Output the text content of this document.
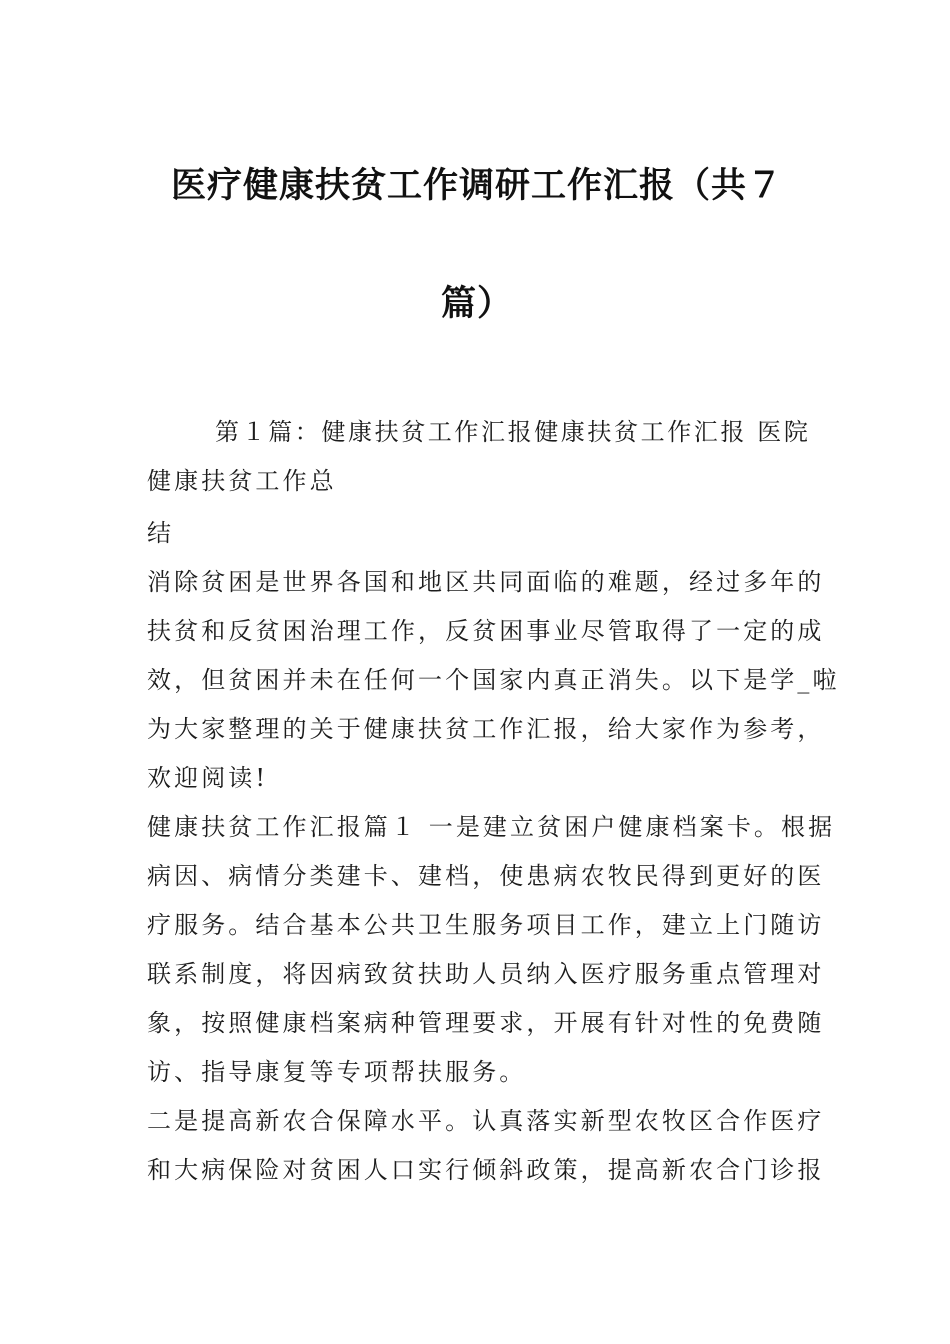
医疗健康扶贫工作调研工作汇报（共７
篇）
第１篇：健康扶贫工作汇报健康扶贫工作汇报 医院
健康扶贫工作总
结
消除贫困是世界各国和地区共同面临的难题，经过多年的
扶贫和反贫困治理工作，反贫困事业尽管取得了一定的成
效，但贫困并未在任何一个国家内真正消失。以下是学_啦
为大家整理的关于健康扶贫工作汇报，给大家作为参考，
欢迎阅读!
健康扶贫工作汇报篇１ 一是建立贫困户健康档案卡。根据
病因、病情分类建卡、建档，使患病农牧民得到更好的医
疗服务。结合基本公共卫生服务项目工作，建立上门随访
联系制度，将因病致贫扶助人员纳入医疗服务重点管理对
象，按照健康档案病种管理要求，开展有针对性的免费随
访、指导康复等专项帮扶服务。
二是提高新农合保障水平。认真落实新型农牧区合作医疗
和大病保险对贫困人口实行倾斜政策，提高新农合门诊报
